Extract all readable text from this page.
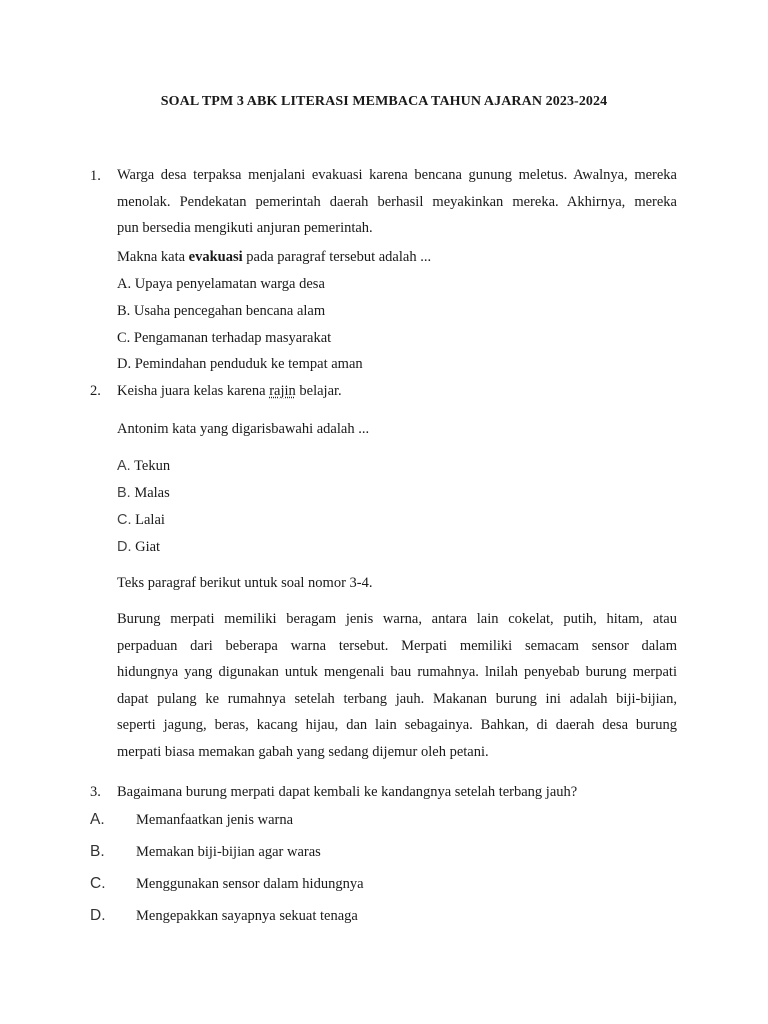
SOAL TPM 3 ABK LITERASI MEMBACA TAHUN AJARAN 2023-2024
1. Warga desa terpaksa menjalani evakuasi karena bencana gunung meletus. Awalnya, mereka
menolak. Pendekatan pemerintah daerah berhasil meyakinkan mereka. Akhirnya, mereka
pun bersedia mengikuti anjuran pemerintah.
Makna kata evakuasi pada paragraf tersebut adalah ...
A. Upaya penyelamatan warga desa
B. Usaha pencegahan bencana alam
C. Pengamanan terhadap masyarakat
D. Pemindahan penduduk ke tempat aman
2. Keisha juara kelas karena rajin belajar.
Antonim kata yang digarisbawahi adalah ...
A. Tekun
B. Malas
C. Lalai
D. Giat
Teks paragraf berikut untuk soal nomor 3-4.
Burung merpati memiliki beragam jenis warna, antara lain cokelat, putih, hitam, atau
perpaduan dari beberapa warna tersebut. Merpati memiliki semacam sensor dalam
hidungnya yang digunakan untuk mengenali bau rumahnya. lnilah penyebab burung merpati
dapat pulang ke rumahnya setelah terbang jauh. Makanan burung ini adalah biji-bijian,
seperti jagung, beras, kacang hijau, dan lain sebagainya. Bahkan, di daerah desa burung
merpati biasa memakan gabah yang sedang dijemur oleh petani.
3. Bagaimana burung merpati dapat kembali ke kandangnya setelah terbang jauh?
A. Memanfaatkan jenis warna
B. Memakan biji-bijian agar waras
C. Menggunakan sensor dalam hidungnya
D. Mengepakkan sayapnya sekuat tenaga
